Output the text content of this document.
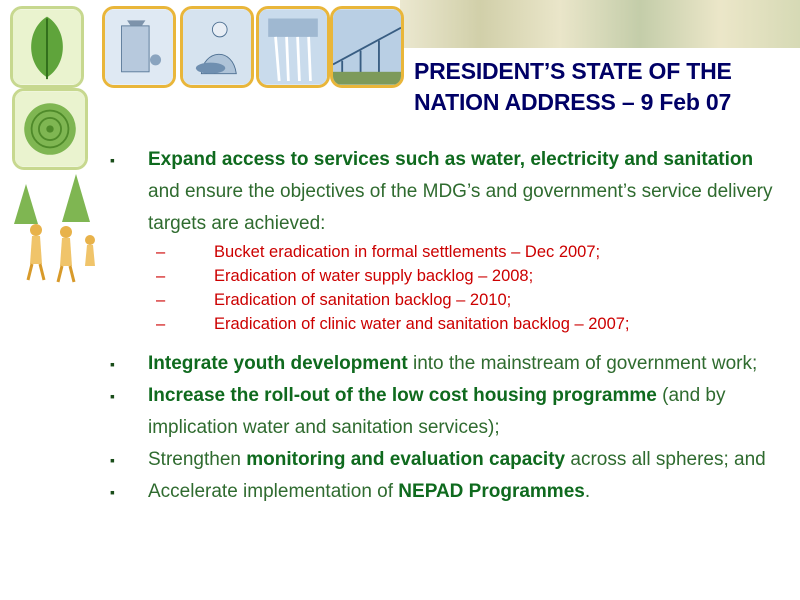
PRESIDENT’S STATE OF THE
NATION ADDRESS – 9 Feb 07
▪ Expand access to services such as water, electricity and sanitation and ensure the objectives of the MDG’s and government’s service delivery targets are achieved:
–	Bucket eradication in formal settlements – Dec 2007;
–	Eradication of water supply backlog – 2008;
–	Eradication of sanitation backlog – 2010;
–	Eradication of clinic water and sanitation backlog – 2007;
▪ Integrate youth development into the mainstream of government work;
▪ Increase the roll-out of the low cost housing programme (and by implication water and sanitation services);
▪ Strengthen monitoring and evaluation capacity across all spheres; and
▪ Accelerate implementation of NEPAD Programmes.
